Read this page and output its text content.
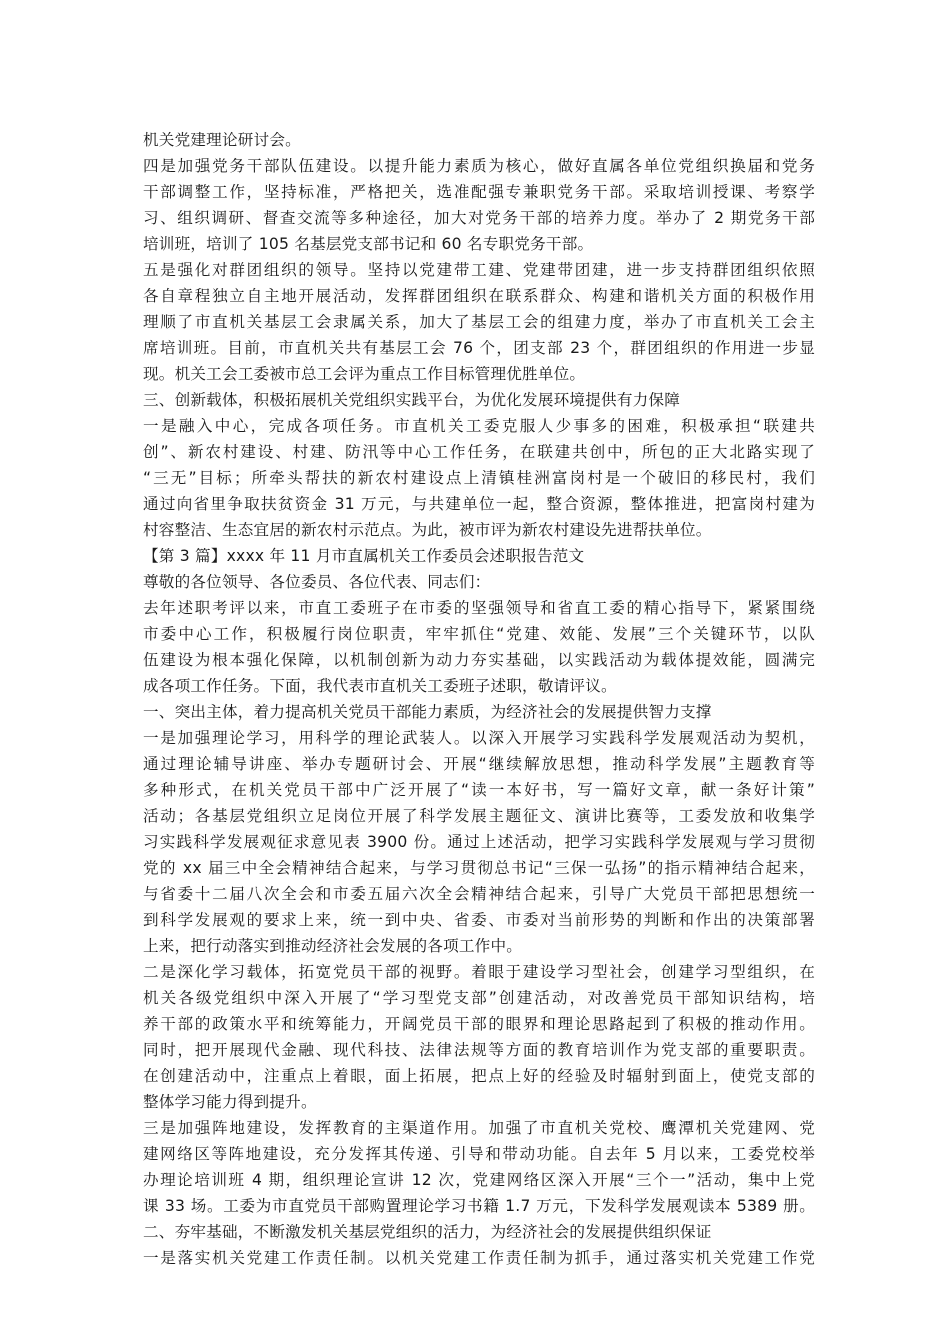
机关党建理论研讨会。
四是加强党务干部队伍建设。以提升能力素质为核心，做好直属各单位党组织换届和党务
干部调整工作，坚持标准，严格把关，选准配强专兼职党务干部。采取培训授课、考察学
习、组织调研、督查交流等多种途径，加大对党务干部的培养力度。举办了 2 期党务干部
培训班，培训了 105 名基层党支部书记和 60 名专职党务干部。
五是强化对群团组织的领导。坚持以党建带工建、党建带团建，进一步支持群团组织依照
各自章程独立自主地开展活动，发挥群团组织在联系群众、构建和谐机关方面的积极作用
理顺了市直机关基层工会隶属关系，加大了基层工会的组建力度，举办了市直机关工会主
席培训班。目前，市直机关共有基层工会 76 个，团支部 23 个，群团组织的作用进一步显
现。机关工会工委被市总工会评为重点工作目标管理优胜单位。
三、创新载体，积极拓展机关党组织实践平台，为优化发展环境提供有力保障
一是融入中心，完成各项任务。市直机关工委克服人少事多的困难，积极承担“联建共
创”、新农村建设、村建、防汛等中心工作任务，在联建共创中，所包的正大北路实现了
“三无”目标；所牵头帮扶的新农村建设点上清镇桂洲富岗村是一个破旧的移民村，我们
通过向省里争取扶贫资金 31 万元，与共建单位一起，整合资源，整体推进，把富岗村建为
村容整洁、生态宜居的新农村示范点。为此，被市评为新农村建设先进帮扶单位。
【第 3 篇】xxxx 年 11 月市直属机关工作委员会述职报告范文
尊敬的各位领导、各位委员、各位代表、同志们：
去年述职考评以来，市直工委班子在市委的坚强领导和省直工委的精心指导下，紧紧围绕
市委中心工作，积极履行岗位职责，牢牢抓住“党建、效能、发展”三个关键环节，以队
伍建设为根本强化保障，以机制创新为动力夯实基础，以实践活动为载体提效能，圆满完
成各项工作任务。下面，我代表市直机关工委班子述职，敬请评议。
一、突出主体，着力提高机关党员干部能力素质，为经济社会的发展提供智力支撑
一是加强理论学习，用科学的理论武装人。以深入开展学习实践科学发展观活动为契机，
通过理论辅导讲座、举办专题研讨会、开展“继续解放思想，推动科学发展”主题教育等
多种形式，在机关党员干部中广泛开展了“读一本好书，写一篇好文章，献一条好计策”
活动；各基层党组织立足岗位开展了科学发展主题征文、演讲比赛等，工委发放和收集学
习实践科学发展观征求意见表 3900 份。通过上述活动，把学习实践科学发展观与学习贯彻
党的 xx 届三中全会精神结合起来，与学习贯彻总书记“三保一弘扬”的指示精神结合起来，
与省委十二届八次全会和市委五届六次全会精神结合起来，引导广大党员干部把思想统一
到科学发展观的要求上来，统一到中央、省委、市委对当前形势的判断和作出的决策部署
上来，把行动落实到推动经济社会发展的各项工作中。
二是深化学习载体，拓宽党员干部的视野。着眼于建设学习型社会，创建学习型组织，在
机关各级党组织中深入开展了“学习型党支部”创建活动，对改善党员干部知识结构，培
养干部的政策水平和统筹能力，开阔党员干部的眼界和理论思路起到了积极的推动作用。
同时，把开展现代金融、现代科技、法律法规等方面的教育培训作为党支部的重要职责。
在创建活动中，注重点上着眼，面上拓展，把点上好的经验及时辐射到面上，使党支部的
整体学习能力得到提升。
三是加强阵地建设，发挥教育的主渠道作用。加强了市直机关党校、鹰潭机关党建网、党
建网络区等阵地建设，充分发挥其传递、引导和带动功能。自去年 5 月以来，工委党校举
办理论培训班 4 期，组织理论宣讲 12 次，党建网络区深入开展“三个一”活动，集中上党
课 33 场。工委为市直党员干部购置理论学习书籍 1.7 万元，下发科学发展观读本 5389 册。
二、夯牢基础，不断激发机关基层党组织的活力，为经济社会的发展提供组织保证
一是落实机关党建工作责任制。以机关党建工作责任制为抓手，通过落实机关党建工作党
